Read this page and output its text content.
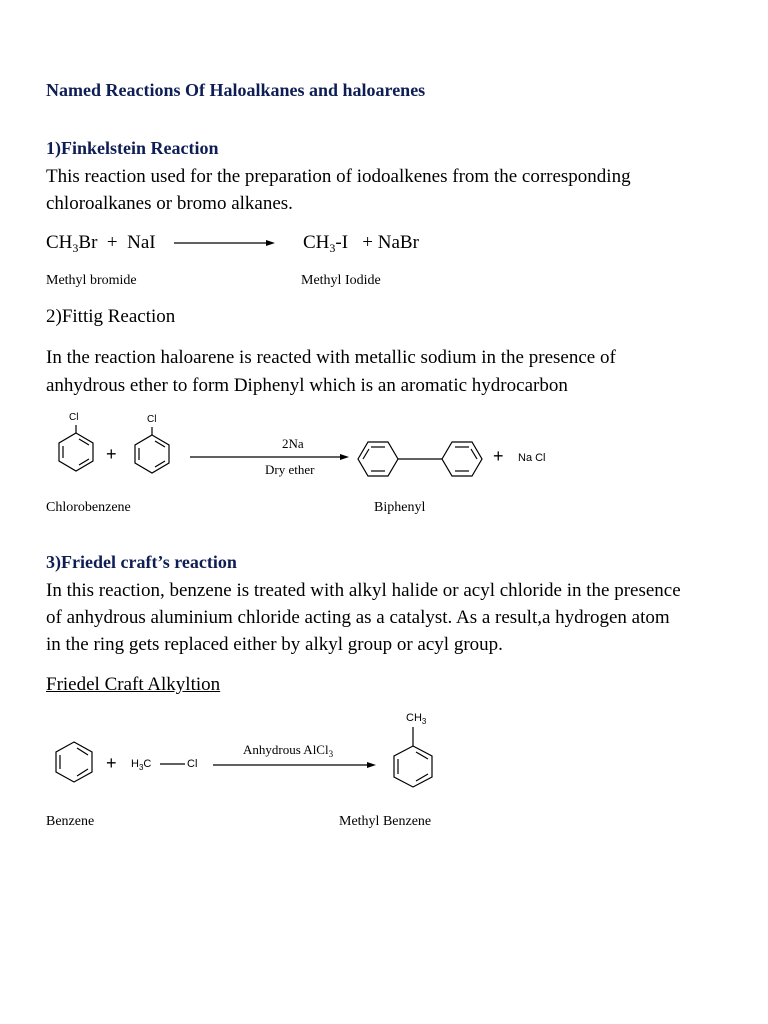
Named Reactions Of Haloalkanes and haloarenes
1)Finkelstein Reaction
This reaction used for the preparation of iodoalkenes from the corresponding
chloroalkanes or bromo alkanes.
$CH_3Br$  +  NaI	$CH_3-I$   + NaBr
Methyl bromide	Methyl Iodide
2)Fittig Reaction
In the reaction haloarene is reacted with metallic sodium in the presence of
anhydrous ether to form Diphenyl which is an aromatic hydrocarbon
Cl	Cl
+
2Na
Dry ether
+ Na Cl
Chlorobenzene	Biphenyl
3)Friedel craft’s reaction
In this reaction, benzene is treated with alkyl halide or acyl chloride in the presence
of anhydrous aluminium chloride acting as a catalyst. As a result,a hydrogen atom
in the ring gets replaced either by alkyl group or acyl group.
Friedel Craft Alkyltion
+ $H_3C$	Cl
Anhydrous AlCl$_3$
$CH_3$
Benzene	Methyl Benzene
